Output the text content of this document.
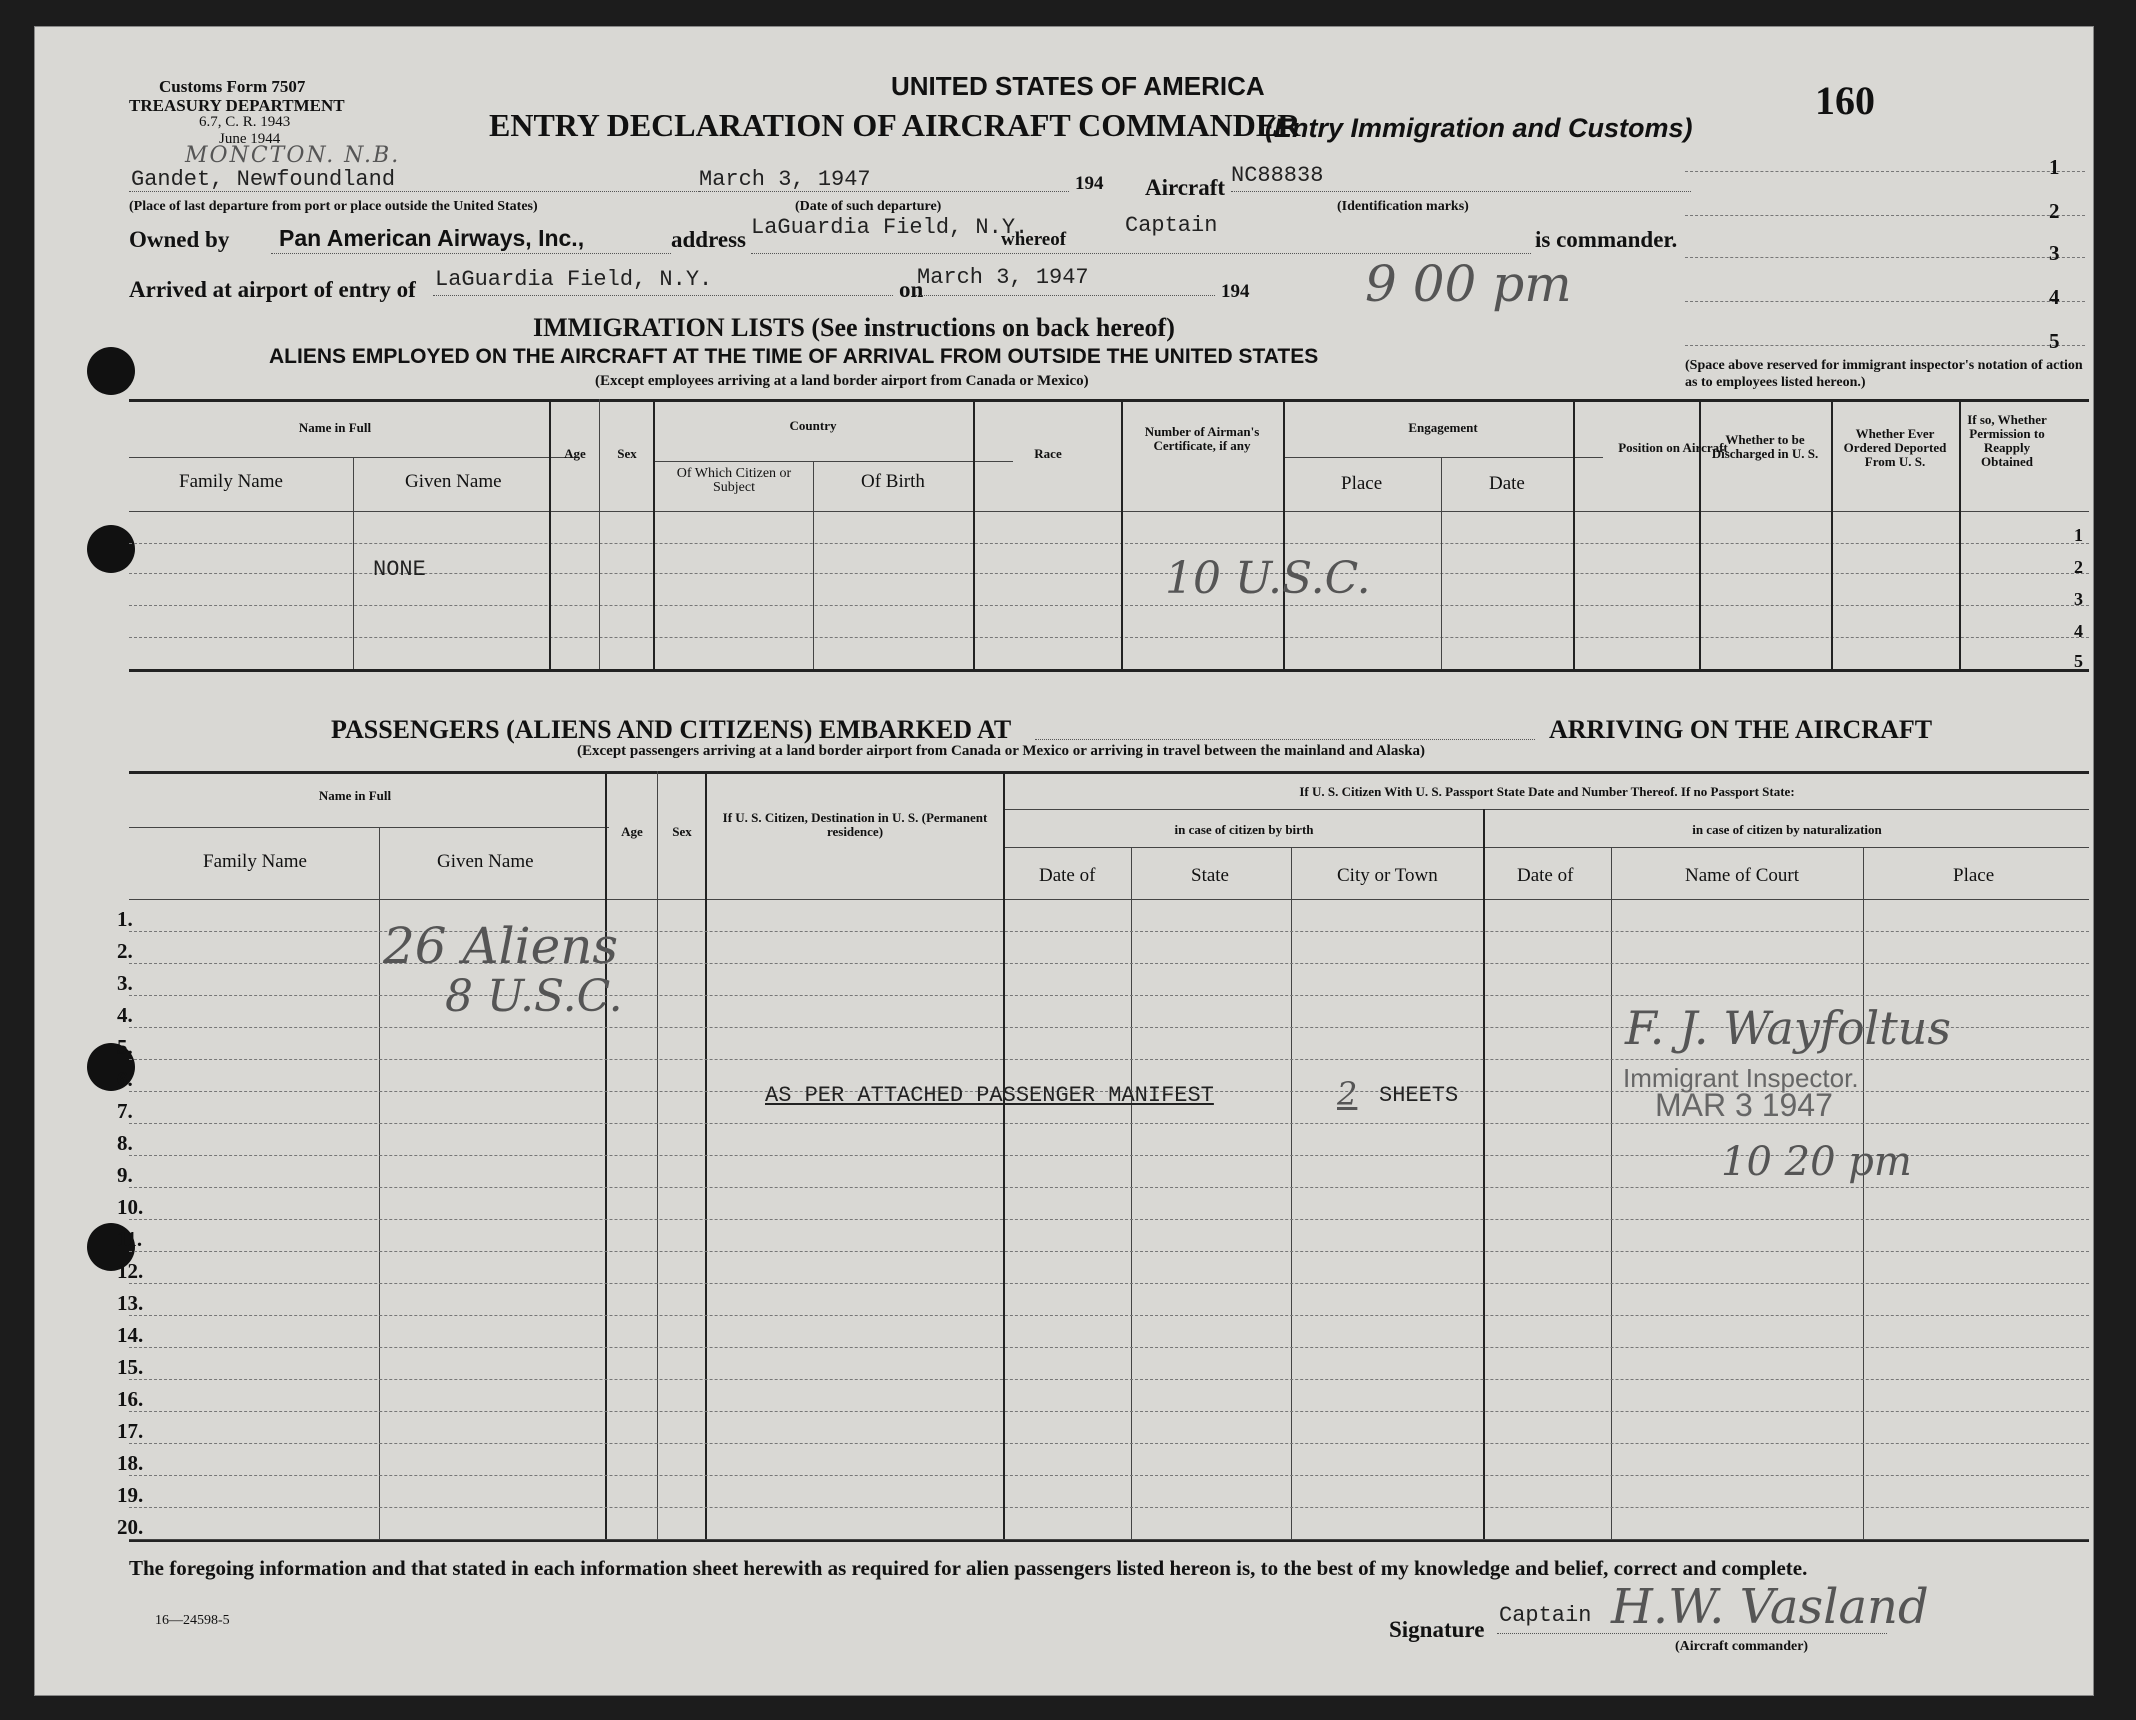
Customs Form 7507
TREASURY DEPARTMENT
6.7, C. R. 1943
June 1944
UNITED STATES OF AMERICA
ENTRY DECLARATION OF AIRCRAFT COMMANDER
(Entry Immigration and Customs)
160
MONCTON. N.B.
Gandet, Newfoundland
(Place of last departure from port or place outside the United States)
March 3, 1947	194
(Date of such departure)
Aircraft NC88838
(Identification marks)
Owned by Pan American Airways, Inc.,	address LaGuardia Field, N.Y.
whereof
Captain
is commander.
Arrived at airport of entry of LaGuardia Field, N.Y.	on
March 3, 1947
194 9 00 pm
1
2
3
4
5
(Space above reserved for immigrant inspector's notation of action as to employees listed hereon.)
IMMIGRATION LISTS (See instructions on back hereof)
ALIENS EMPLOYED ON THE AIRCRAFT AT THE TIME OF ARRIVAL FROM OUTSIDE THE UNITED STATES
(Except employees arriving at a land border airport from Canada or Mexico)
Name in Full
Family Name	Given Name
Age	Sex
Country
Of Which Citizen or Subject	Of Birth
Race
Number of Airman's Certificate, if any
Engagement
Place	Date
Position on Aircraft
Whether to be Discharged in U. S.
Whether Ever Ordered Deported From U. S.
If so, Whether Permission to Reapply Obtained
NONE	10 U.S.C.
1
2
3
4
5
PASSENGERS (ALIENS AND CITIZENS) EMBARKED AT	ARRIVING ON THE AIRCRAFT
(Except passengers arriving at a land border airport from Canada or Mexico or arriving in travel between the mainland and Alaska)
Name in Full
Family Name	Given Name
Age	Sex
If U. S. Citizen, Destination in U. S. (Permanent residence)
If U. S. Citizen With U. S. Passport State Date and Number Thereof. If no Passport State:
in case of citizen by birth	in case of citizen by naturalization
Date of	State	City or Town	Date of	Name of Court	Place
1.
2.
3.
4.
5.
6.
7.
8.
9.
10.
11.
12.
13.
14.
15.
16.
17.
18.
19.
20.
26 Aliens
8 U.S.C.
AS PER ATTACHED PASSENGER MANIFEST	2 SHEETS
F. J. Wayfoltus
Immigrant Inspector.
MAR 3 1947
10 20 pm
The foregoing information and that stated in each information sheet herewith as required for alien passengers listed hereon is, to the best of my knowledge and belief, correct and complete.
16—24598-5	Signature
Captain H.W. Vasland
(Aircraft commander)
